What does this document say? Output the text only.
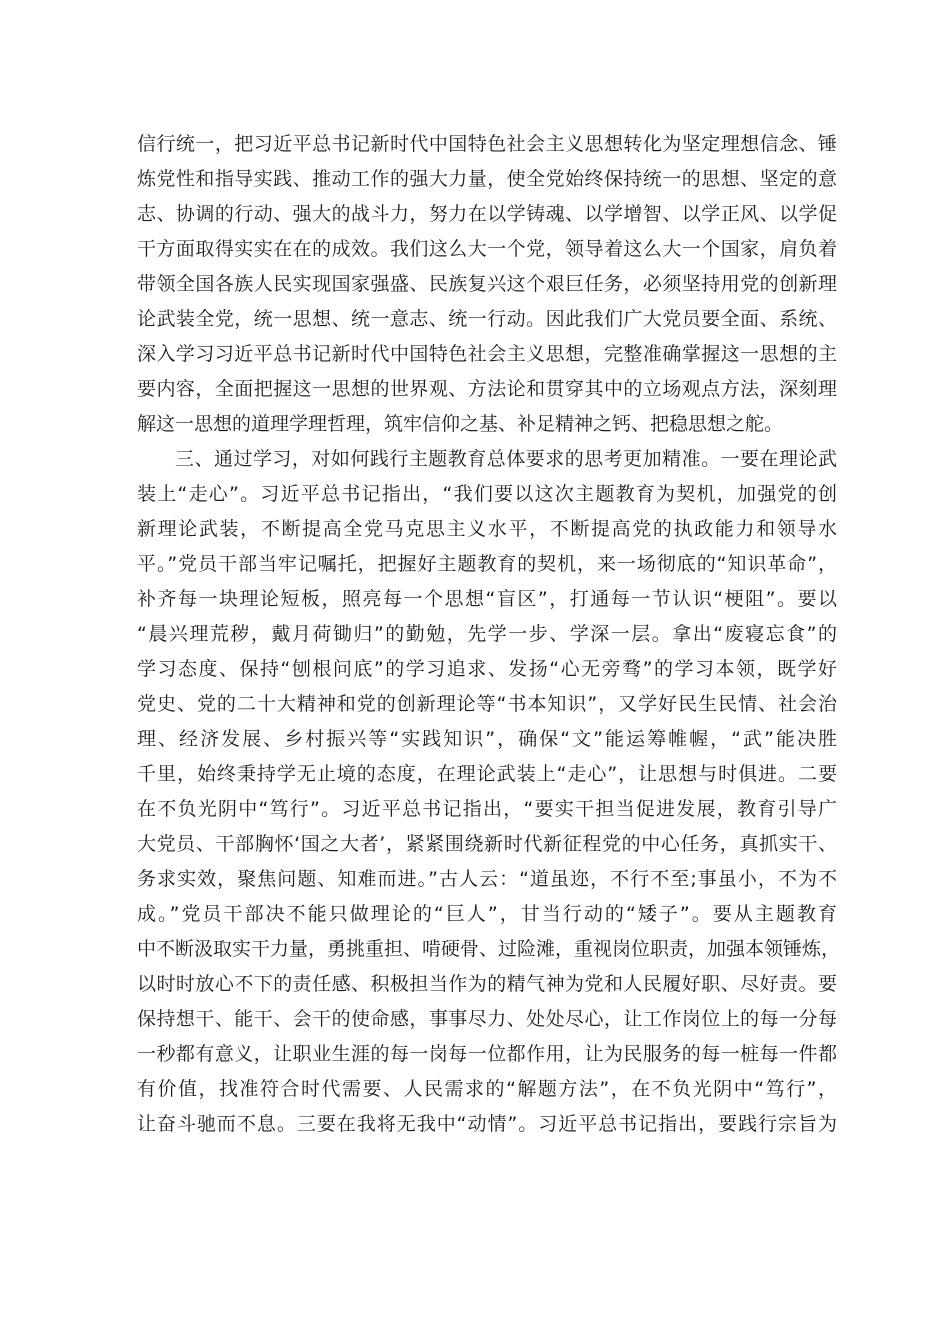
信行统一，把习近平总书记新时代中国特色社会主义思想转化为坚定理想信念、锤
炼党性和指导实践、推动工作的强大力量，使全党始终保持统一的思想、坚定的意
志、协调的行动、强大的战斗力，努力在以学铸魂、以学增智、以学正风、以学促
干方面取得实实在在的成效。我们这么大一个党，领导着这么大一个国家，肩负着
带领全国各族人民实现国家强盛、民族复兴这个艰巨任务，必须坚持用党的创新理
论武装全党，统一思想、统一意志、统一行动。因此我们广大党员要全面、系统、
深入学习习近平总书记新时代中国特色社会主义思想，完整准确掌握这一思想的主
要内容，全面把握这一思想的世界观、方法论和贯穿其中的立场观点方法，深刻理
解这一思想的道理学理哲理，筑牢信仰之基、补足精神之钙、把稳思想之舵。
三、通过学习，对如何践行主题教育总体要求的思考更加精准。一要在理论武
装上“走心”。习近平总书记指出，“我们要以这次主题教育为契机，加强党的创
新理论武装，不断提高全党马克思主义水平，不断提高党的执政能力和领导水
平。”党员干部当牢记嘱托，把握好主题教育的契机，来一场彻底的“知识革命”，
补齐每一块理论短板，照亮每一个思想“盲区”，打通每一节认识“梗阻”。要以
“晨兴理荒秽，戴月荷锄归”的勤勉，先学一步、学深一层。拿出“废寝忘食”的
学习态度、保持“刨根问底”的学习追求、发扬“心无旁骛”的学习本领，既学好
党史、党的二十大精神和党的创新理论等“书本知识”，又学好民生民情、社会治
理、经济发展、乡村振兴等“实践知识”，确保“文”能运筹帷幄，“武”能决胜
千里，始终秉持学无止境的态度，在理论武装上“走心”，让思想与时俱进。二要
在不负光阴中“笃行”。习近平总书记指出，“要实干担当促进发展，教育引导广
大党员、干部胸怀‘国之大者’，紧紧围绕新时代新征程党的中心任务，真抓实干、
务求实效，聚焦问题、知难而进。”古人云：“道虽迩，不行不至;事虽小，不为不
成。”党员干部决不能只做理论的“巨人”，甘当行动的“矮子”。要从主题教育
中不断汲取实干力量，勇挑重担、啃硬骨、过险滩，重视岗位职责，加强本领锤炼，
以时时放心不下的责任感、积极担当作为的精气神为党和人民履好职、尽好责。要
保持想干、能干、会干的使命感，事事尽力、处处尽心，让工作岗位上的每一分每
一秒都有意义，让职业生涯的每一岗每一位都作用，让为民服务的每一桩每一件都
有价值，找准符合时代需要、人民需求的“解题方法”，在不负光阴中“笃行”，
让奋斗驰而不息。三要在我将无我中“动情”。习近平总书记指出，要践行宗旨为
